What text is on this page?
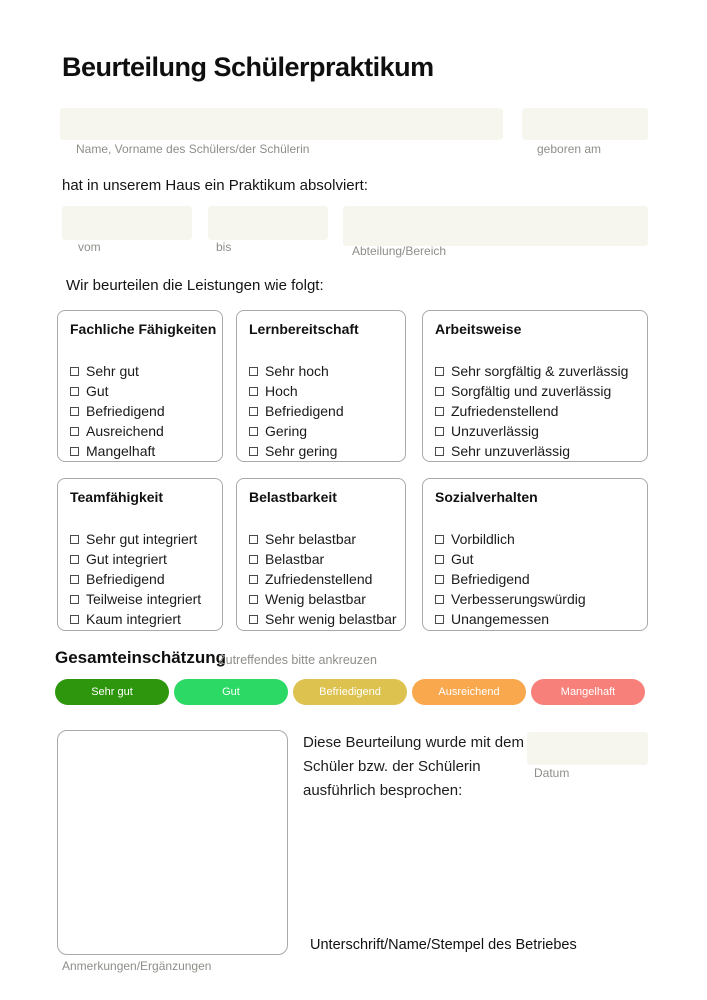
Beurteilung Schülerpraktikum
Name, Vorname des Schülers/der Schülerin	geboren am
hat in unserem Haus ein Praktikum absolviert:
vom	bis	Abteilung/Bereich
Wir beurteilen die Leistungen wie folgt:
Fachliche Fähigkeiten
Sehr gut
Gut
Befriedigend
Ausreichend
Mangelhaft
Lernbereitschaft
Sehr hoch
Hoch
Befriedigend
Gering
Sehr gering
Arbeitsweise
Sehr sorgfältig & zuverlässig
Sorgfältig und zuverlässig
Zufriedenstellend
Unzuverlässig
Sehr unzuverlässig
Teamfähigkeit
Sehr gut integriert
Gut integriert
Befriedigend
Teilweise integriert
Kaum integriert
Belastbarkeit
Sehr belastbar
Belastbar
Zufriedenstellend
Wenig belastbar
Sehr wenig belastbar
Sozialverhalten
Vorbildlich
Gut
Befriedigend
Verbesserungswürdig
Unangemessen
Gesamteinschätzung
Zutreffendes bitte ankreuzen
Sehr gut	Gut	Befriedigend	Ausreichend	Mangelhaft
Anmerkungen/Ergänzungen
Diese Beurteilung wurde mit dem Schüler bzw. der Schülerin ausführlich besprochen:
Datum
Unterschrift/Name/Stempel des Betriebes
